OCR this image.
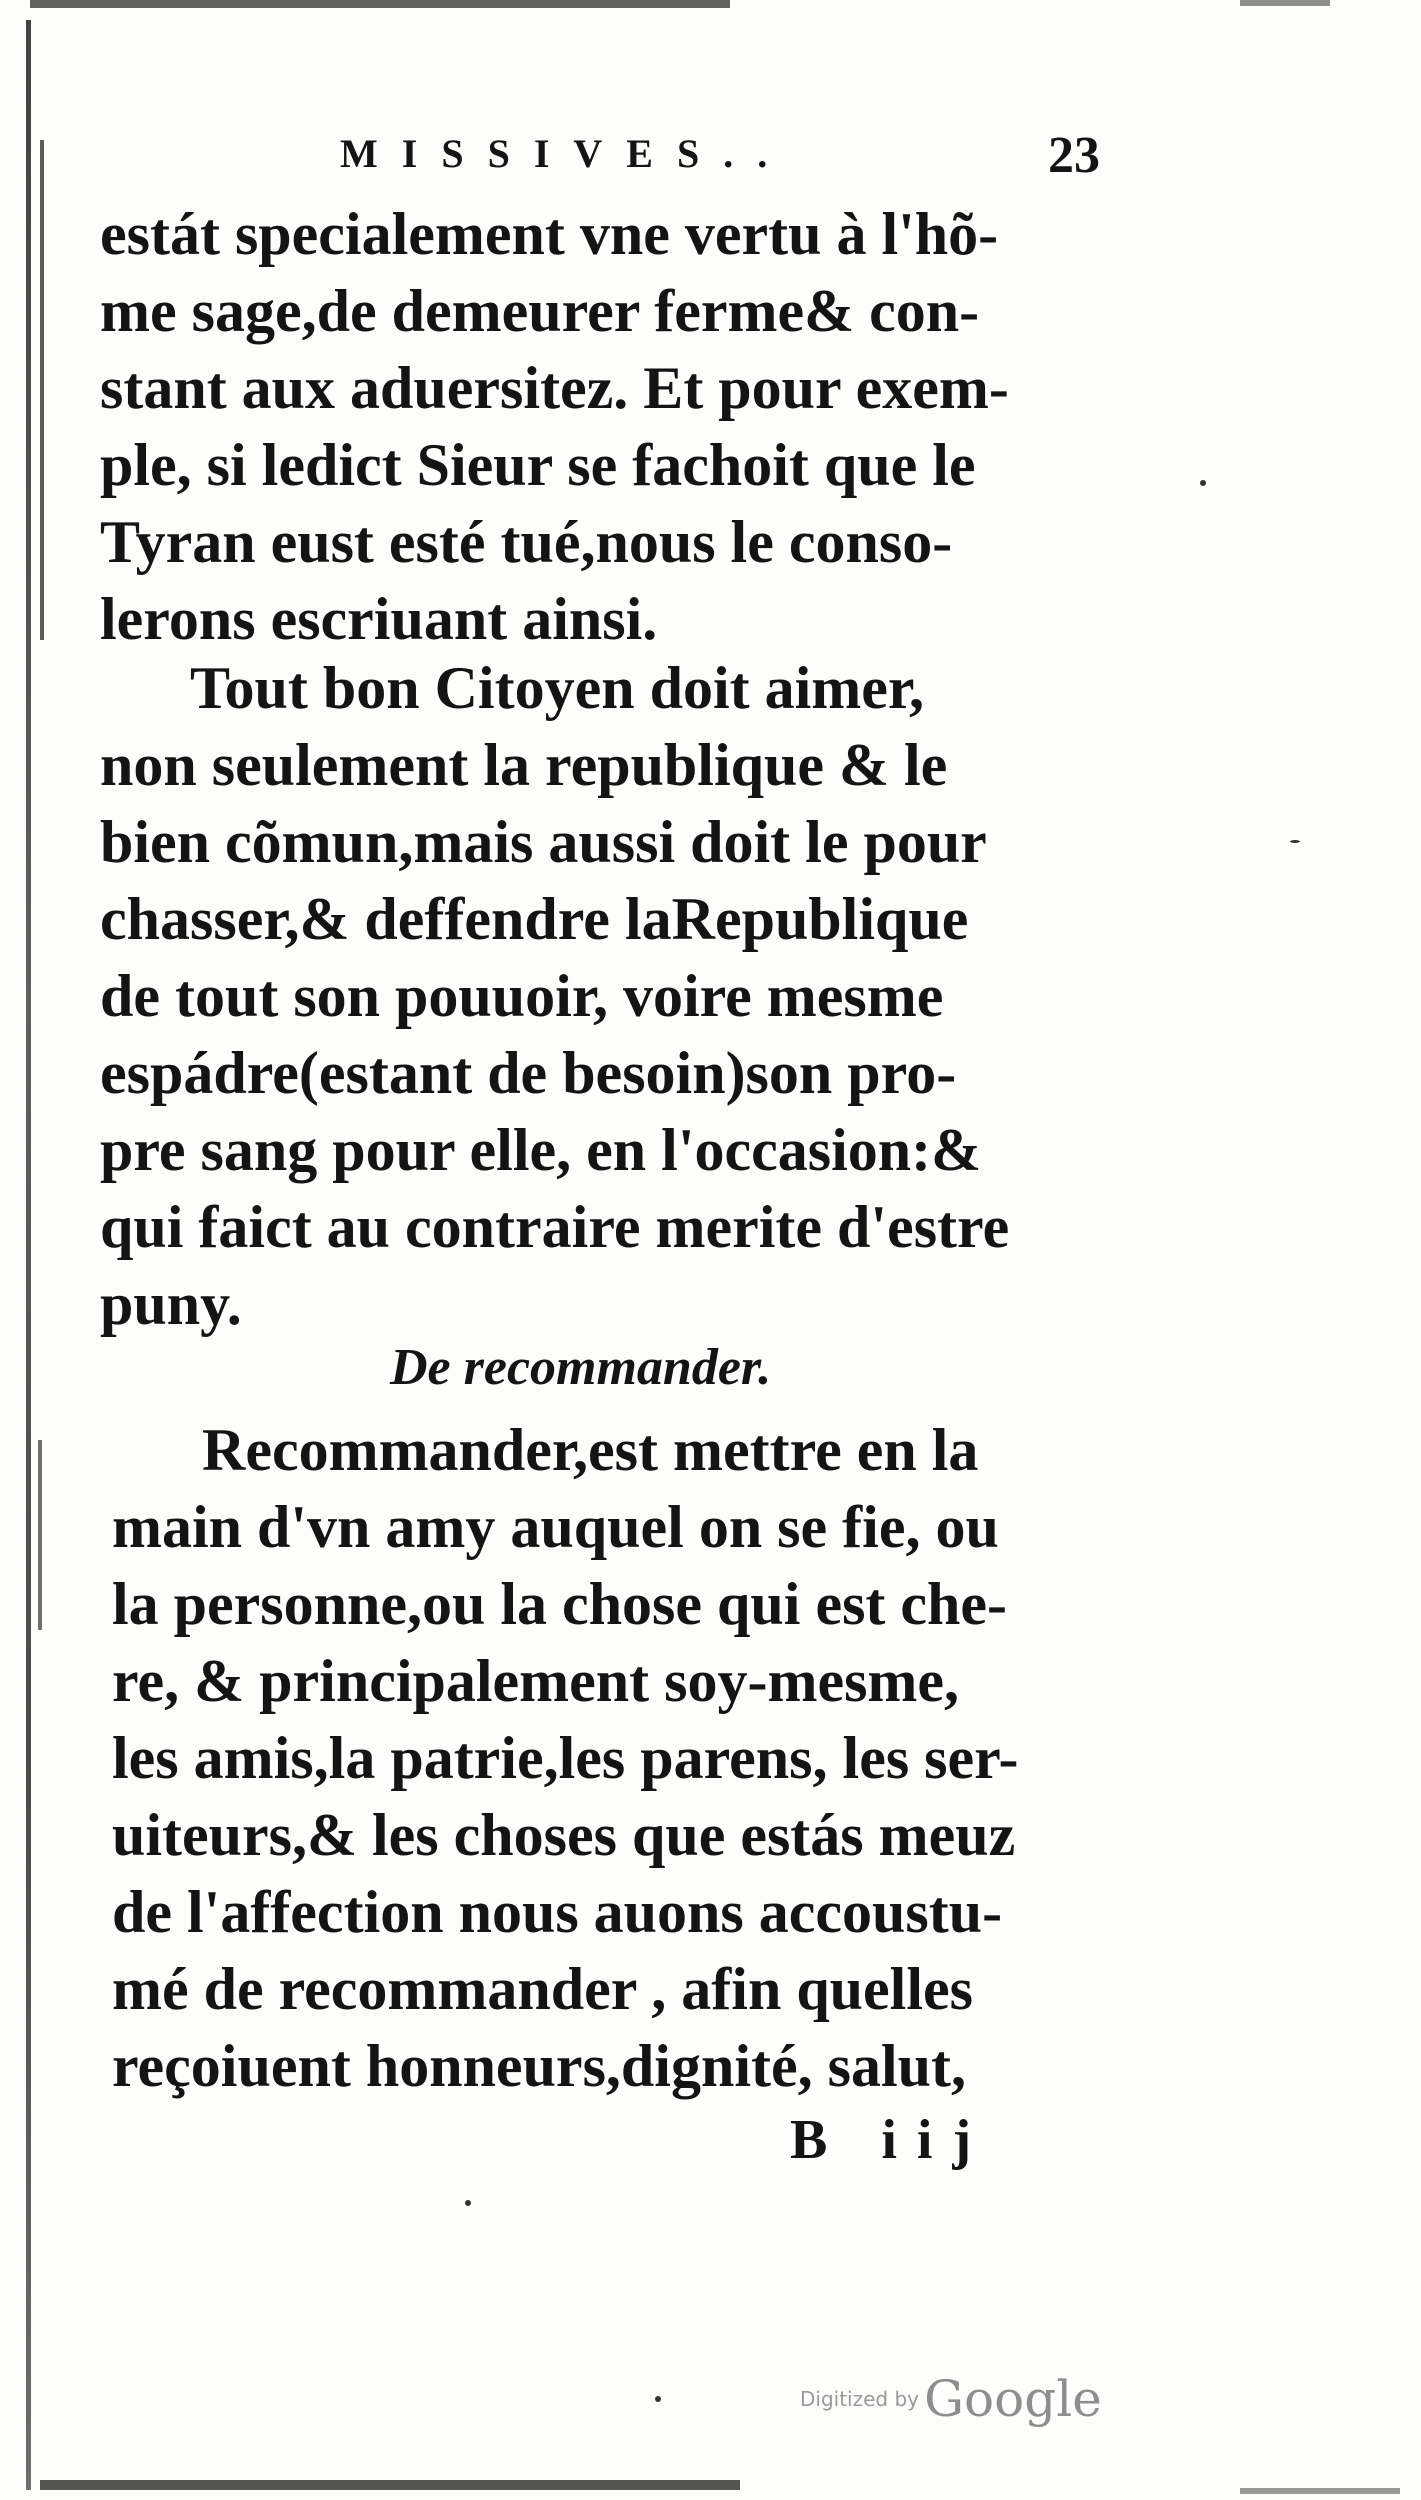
MISSIVES..	23
estát specialement vne vertu à l'hõ-
me sage,de demeurer ferme& con-
stant aux aduersitez. Et pour exem-
ple, si ledict Sieur se fachoit que le
Tyran eust esté tué,nous le conso-
lerons escriuant ainsi.
Tout bon Citoyen doit aimer,
non seulement la republique & le
bien cõmun,mais aussi doit le pour
chasser,& deffendre laRepublique
de tout son pouuoir, voire mesme
espádre(estant de besoin)son pro-
pre sang pour elle, en l'occasion:&
qui faict au contraire merite d'estre
puny.
De recommander.
Recommander,est mettre en la
main d'vn amy auquel on se fie, ou
la personne,ou la chose qui est che-
re, & principalement soy-mesme,
les amis,la patrie,les parens, les ser-
uiteurs,& les choses que estás meuz
de l'affection nous auons accoustu-
mé de recommander , afin quelles
reçoiuent honneurs,dignité, salut,
B iij
Digitized by Google
